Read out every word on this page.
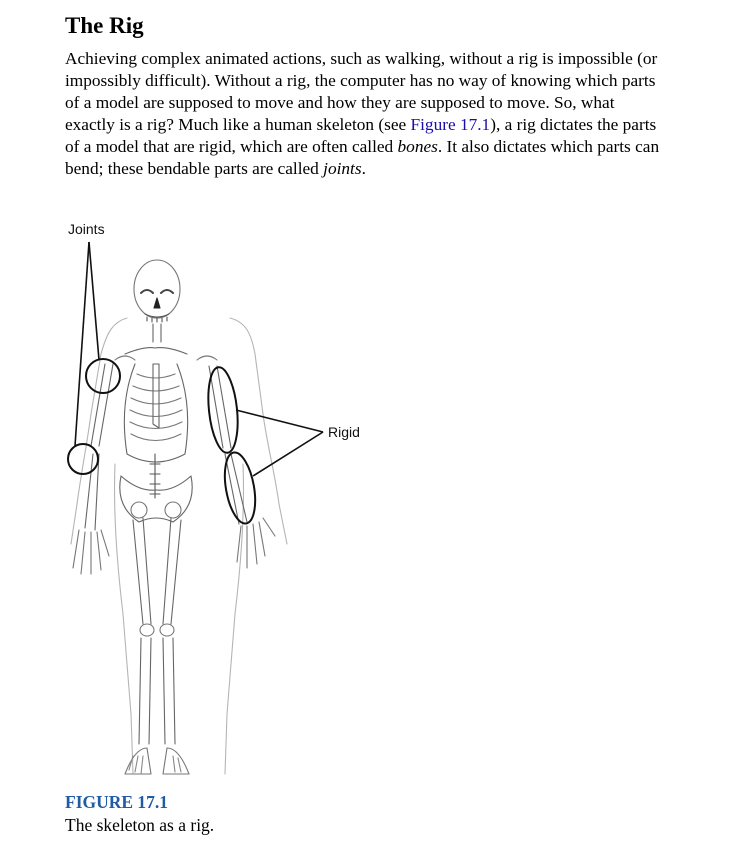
The Rig

Achieving complex animated actions, such as walking, without a rig is impossible (or impossibly difficult). Without a rig, the computer has no way of knowing which parts of a model are supposed to move and how they are supposed to move. So, what exactly is a rig? Much like a human skeleton (see Figure 17.1), a rig dictates the parts of a model that are rigid, which are often called bones. It also dictates which parts can bend; these bendable parts are called joints.

Joints
Rigid
FIGURE 17.1
The skeleton as a rig.
